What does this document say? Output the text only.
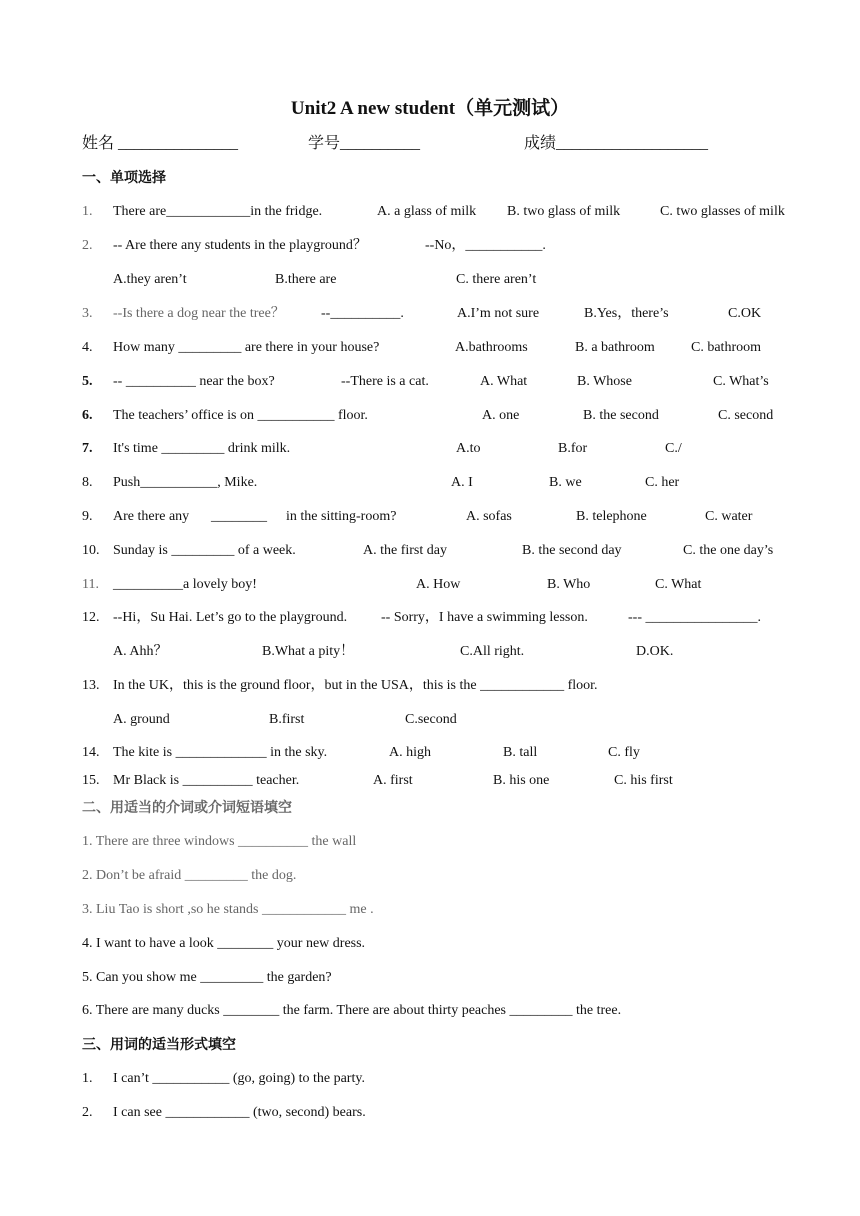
Unit2 A new student（单元测试）
姓名 _______________	学号__________	成绩___________________
一、单项选择
1. There are____________in the fridge.	A. a glass of milk B. two glass of milk	C. two glasses of milk
2. -- Are there any students in the playground？	--No，___________.
A.they aren’t	B.there are	C. there aren’t
3. --Is there a dog near the tree？	--__________.	A.I’m not sure	B.Yes，there’s	C.OK
4. How many _________ are there in your house?	A.bathrooms	B. a bathroom	C. bathroom
5. -- __________ near the box?	--There is a cat.	A. What	B. Whose	C. What’s
6. The teachers’ office is on ___________ floor.	A. one	B. the second	C. second
7. It's time _________ drink milk.	A.to	B.for	C./
8. Push___________, Mike.	A. I	B. we	C. her
9. Are there any ________ in the sitting-room?	A. sofas	B. telephone	C. water
10. Sunday is _________ of a week.	A. the first day	B. the second day	C. the one day’s
11. __________a lovely boy!	A. How	B. Who	C. What
12. --Hi，Su Hai. Let’s go to the playground. -- Sorry，I have a swimming lesson.	--- ________________.
A. Ahh？	B.What a pity！	C.All right.	D.OK.
13. In the UK，this is the ground floor，but in the USA，this is the ____________ floor.
A. ground	B.first	C.second
14. The kite is _____________ in the sky.	A. high	B. tall	C. fly
15. Mr Black is __________ teacher.	A. first	B. his one	C. his first
二、用适当的介词或介词短语填空
1. There are three windows __________ the wall
2. Don’t be afraid _________ the dog.
3. Liu Tao is short ,so he stands ____________ me .
4. I want to have a look ________ your new dress.
5. Can you show me _________ the garden?
6. There are many ducks ________ the farm. There are about thirty peaches _________ the tree.
三、用词的适当形式填空
1. I can’t ___________ (go, going) to the party.
2. I can see ____________ (two, second) bears.
